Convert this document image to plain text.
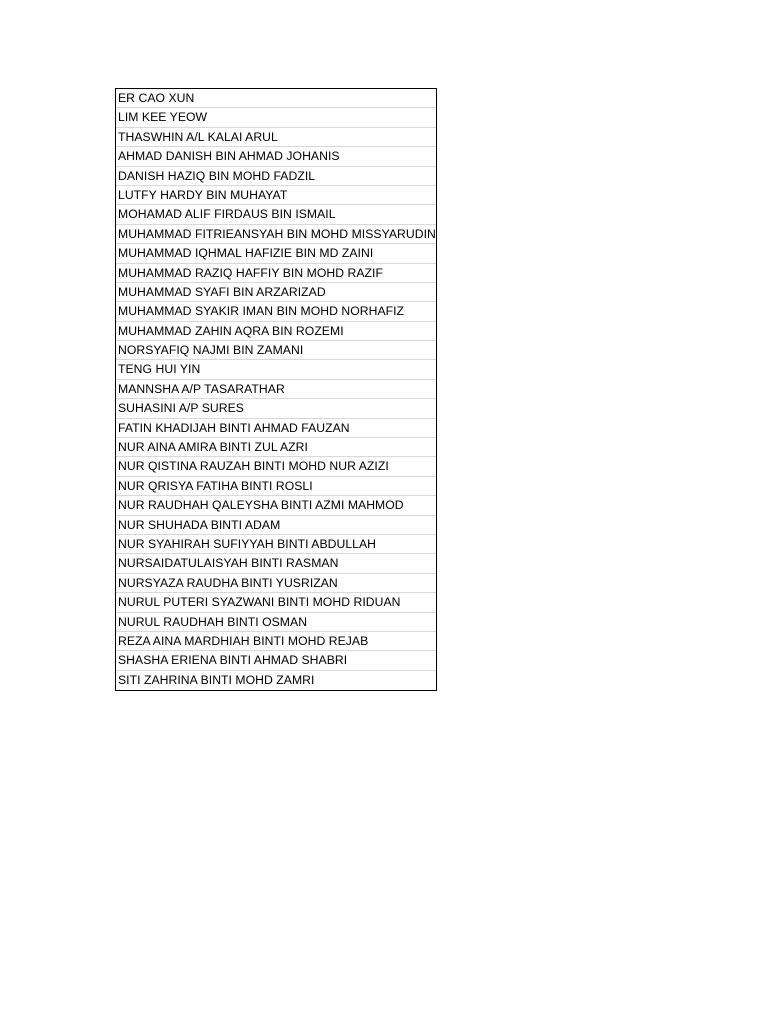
ER CAO XUN
LIM KEE YEOW
THASWHIN A/L KALAI ARUL
AHMAD DANISH BIN AHMAD JOHANIS
DANISH HAZIQ BIN MOHD FADZIL
LUTFY HARDY BIN MUHAYAT
MOHAMAD ALIF FIRDAUS BIN ISMAIL
MUHAMMAD FITRIEANSYAH BIN MOHD MISSYARUDIN
MUHAMMAD IQHMAL HAFIZIE BIN MD ZAINI
MUHAMMAD RAZIQ HAFFIY BIN MOHD RAZIF
MUHAMMAD SYAFI BIN ARZARIZAD
MUHAMMAD SYAKIR IMAN BIN MOHD NORHAFIZ
MUHAMMAD ZAHIN AQRA BIN ROZEMI
NORSYAFIQ NAJMI BIN ZAMANI
TENG HUI YIN
MANNSHA A/P TASARATHAR
SUHASINI A/P SURES
FATIN KHADIJAH BINTI AHMAD FAUZAN
NUR AINA AMIRA BINTI ZUL AZRI
NUR QISTINA RAUZAH BINTI MOHD NUR AZIZI
NUR QRISYA FATIHA BINTI ROSLI
NUR RAUDHAH QALEYSHA BINTI AZMI MAHMOD
NUR SHUHADA BINTI ADAM
NUR SYAHIRAH SUFIYYAH BINTI ABDULLAH
NURSAIDATULAISYAH BINTI RASMAN
NURSYAZA RAUDHA BINTI YUSRIZAN
NURUL PUTERI SYAZWANI BINTI MOHD RIDUAN
NURUL RAUDHAH BINTI OSMAN
REZA AINA MARDHIAH BINTI MOHD REJAB
SHASHA ERIENA BINTI AHMAD SHABRI
SITI ZAHRINA BINTI MOHD ZAMRI
